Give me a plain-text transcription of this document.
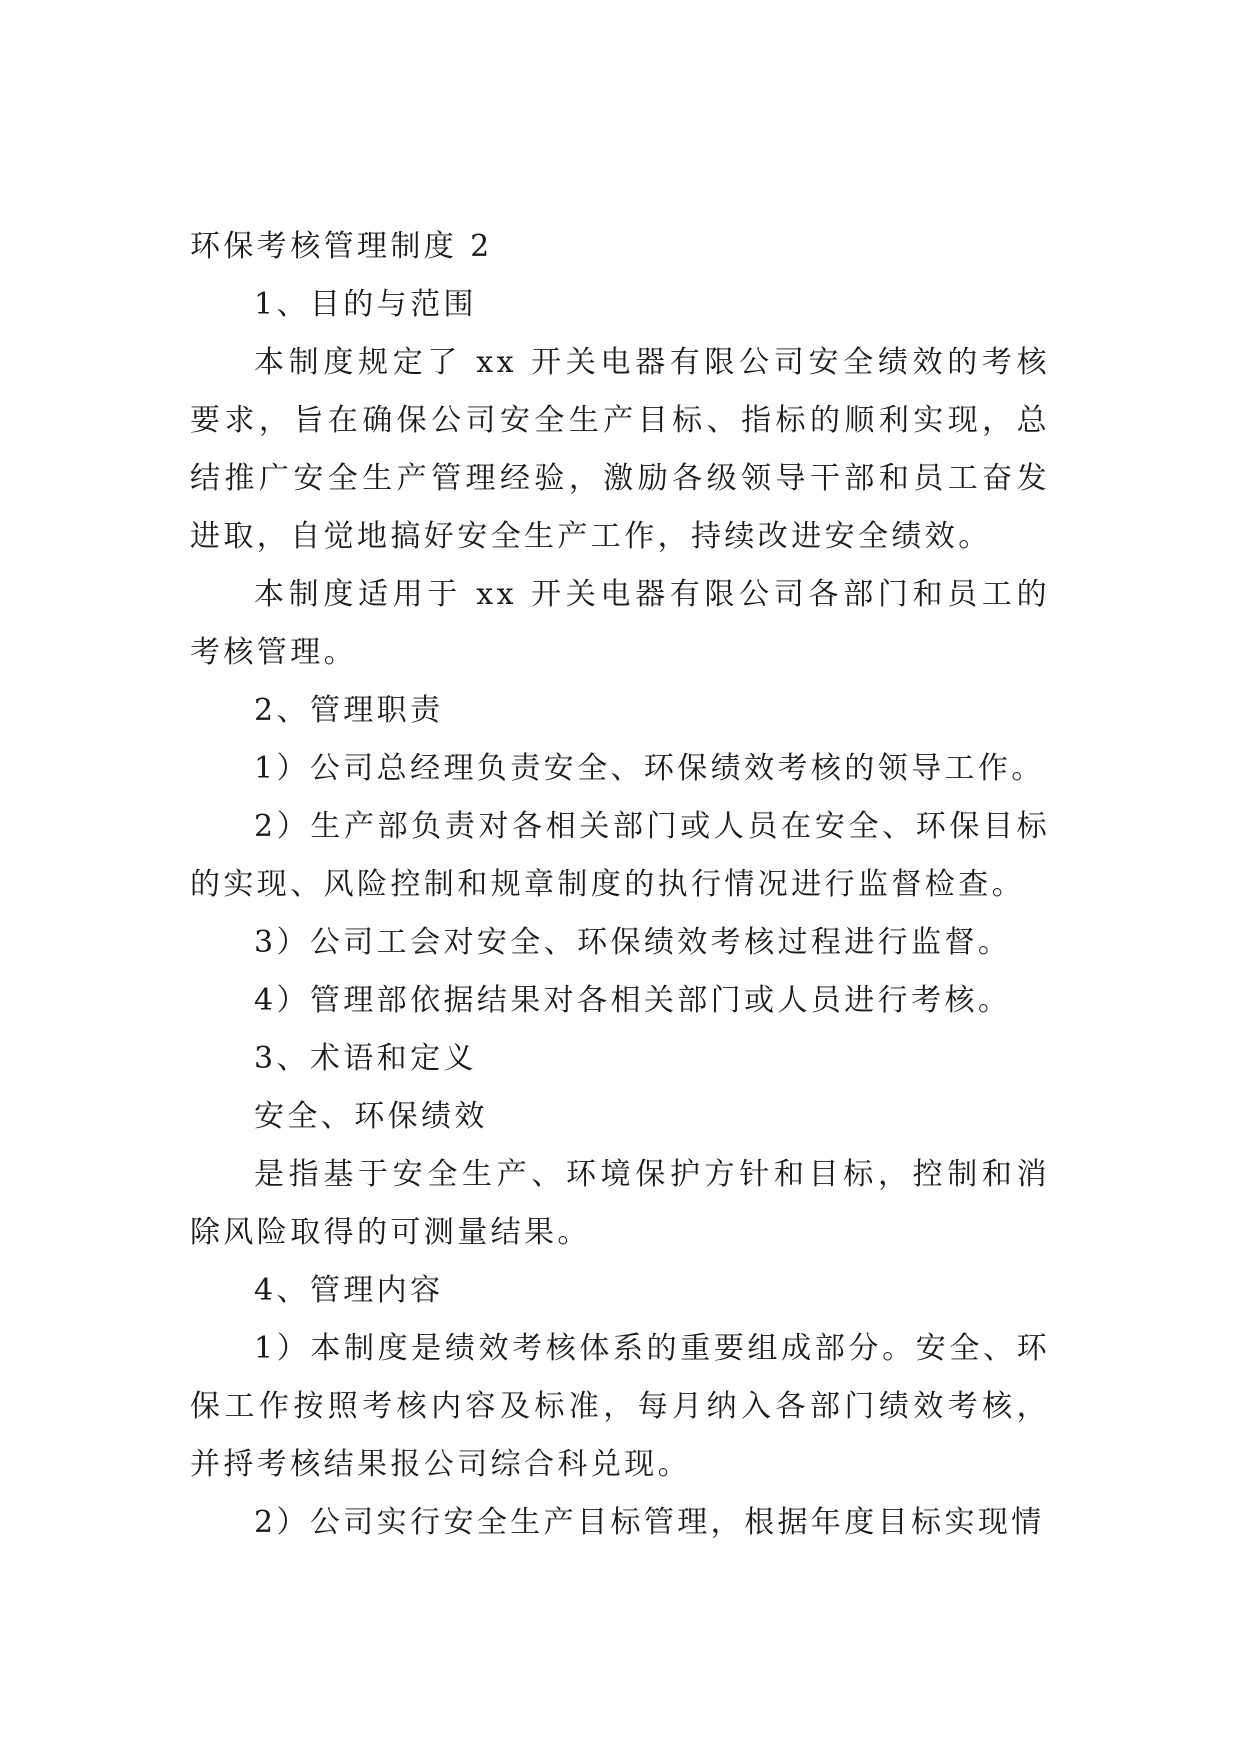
环保考核管理制度 2

1、目的与范围

本制度规定了 xx 开关电器有限公司安全绩效的考核要求，旨在确保公司安全生产目标、指标的顺利实现，总结推广安全生产管理经验，激励各级领导干部和员工奋发进取，自觉地搞好安全生产工作，持续改进安全绩效。

本制度适用于 xx 开关电器有限公司各部门和员工的考核管理。

2、管理职责

1）公司总经理负责安全、环保绩效考核的领导工作。

2）生产部负责对各相关部门或人员在安全、环保目标的实现、风险控制和规章制度的执行情况进行监督检查。

3）公司工会对安全、环保绩效考核过程进行监督。

4）管理部依据结果对各相关部门或人员进行考核。

3、术语和定义

安全、环保绩效

是指基于安全生产、环境保护方针和目标，控制和消除风险取得的可测量结果。

4、管理内容

1）本制度是绩效考核体系的重要组成部分。安全、环保工作按照考核内容及标准，每月纳入各部门绩效考核，并捋考核结果报公司综合科兑现。

2）公司实行安全生产目标管理，根据年度目标实现情
